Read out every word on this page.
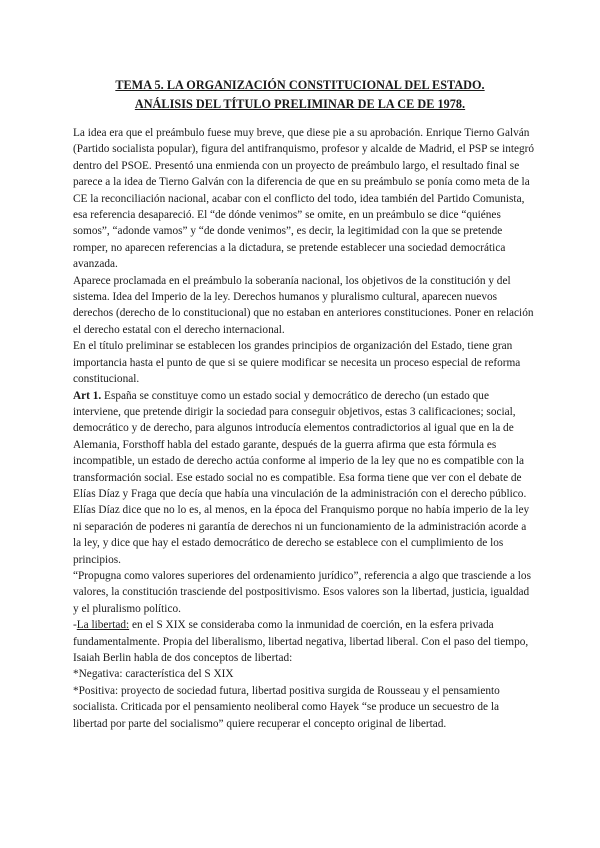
TEMA 5. LA ORGANIZACIÓN CONSTITUCIONAL DEL ESTADO.
ANÁLISIS DEL TÍTULO PRELIMINAR DE LA CE DE 1978.

La idea era que el preámbulo fuese muy breve, que diese pie a su aprobación. Enrique Tierno Galván (Partido socialista popular), figura del antifranquismo, profesor y alcalde de Madrid, el PSP se integró dentro del PSOE. Presentó una enmienda con un proyecto de preámbulo largo, el resultado final se parece a la idea de Tierno Galván con la diferencia de que en su preámbulo se ponía como meta de la CE la reconciliación nacional, acabar con el conflicto del todo, idea también del Partido Comunista, esa referencia desapareció. El “de dónde venimos” se omite, en un preámbulo se dice “quiénes somos”, “adonde vamos” y “de donde venimos”, es decir, la legitimidad con la que se pretende romper, no aparecen referencias a la dictadura, se pretende establecer una sociedad democrática avanzada.

Aparece proclamada en el preámbulo la soberanía nacional, los objetivos de la constitución y del sistema. Idea del Imperio de la ley. Derechos humanos y pluralismo cultural, aparecen nuevos derechos (derecho de lo constitucional) que no estaban en anteriores constituciones. Poner en relación el derecho estatal con el derecho internacional.

En el título preliminar se establecen los grandes principios de organización del Estado, tiene gran importancia hasta el punto de que si se quiere modificar se necesita un proceso especial de reforma constitucional.

Art 1. España se constituye como un estado social y democrático de derecho (un estado que interviene, que pretende dirigir la sociedad para conseguir objetivos, estas 3 calificaciones; social, democrático y de derecho, para algunos introducía elementos contradictorios al igual que en la de Alemania, Forsthoff habla del estado garante, después de la guerra afirma que esta fórmula es incompatible, un estado de derecho actúa conforme al imperio de la ley que no es compatible con la transformación social. Ese estado social no es compatible. Esa forma tiene que ver con el debate de Elías Díaz y Fraga que decía que había una vinculación de la administración con el derecho público. Elías Díaz dice que no lo es, al menos, en la época del Franquismo porque no había imperio de la ley ni separación de poderes ni garantía de derechos ni un funcionamiento de la administración acorde a la ley, y dice que hay el estado democrático de derecho se establece con el cumplimiento de los principios.

“Propugna como valores superiores del ordenamiento jurídico”, referencia a algo que trasciende a los valores, la constitución trasciende del postpositivismo. Esos valores son la libertad, justicia, igualdad y el pluralismo político.

-La libertad: en el S XIX se consideraba como la inmunidad de coerción, en la esfera privada fundamentalmente. Propia del liberalismo, libertad negativa, libertad liberal. Con el paso del tiempo, Isaiah Berlin habla de dos conceptos de libertad:

*Negativa: característica del S XIX

*Positiva: proyecto de sociedad futura, libertad positiva surgida de Rousseau y el pensamiento socialista. Criticada por el pensamiento neoliberal como Hayek “se produce un secuestro de la libertad por parte del socialismo” quiere recuperar el concepto original de libertad.
